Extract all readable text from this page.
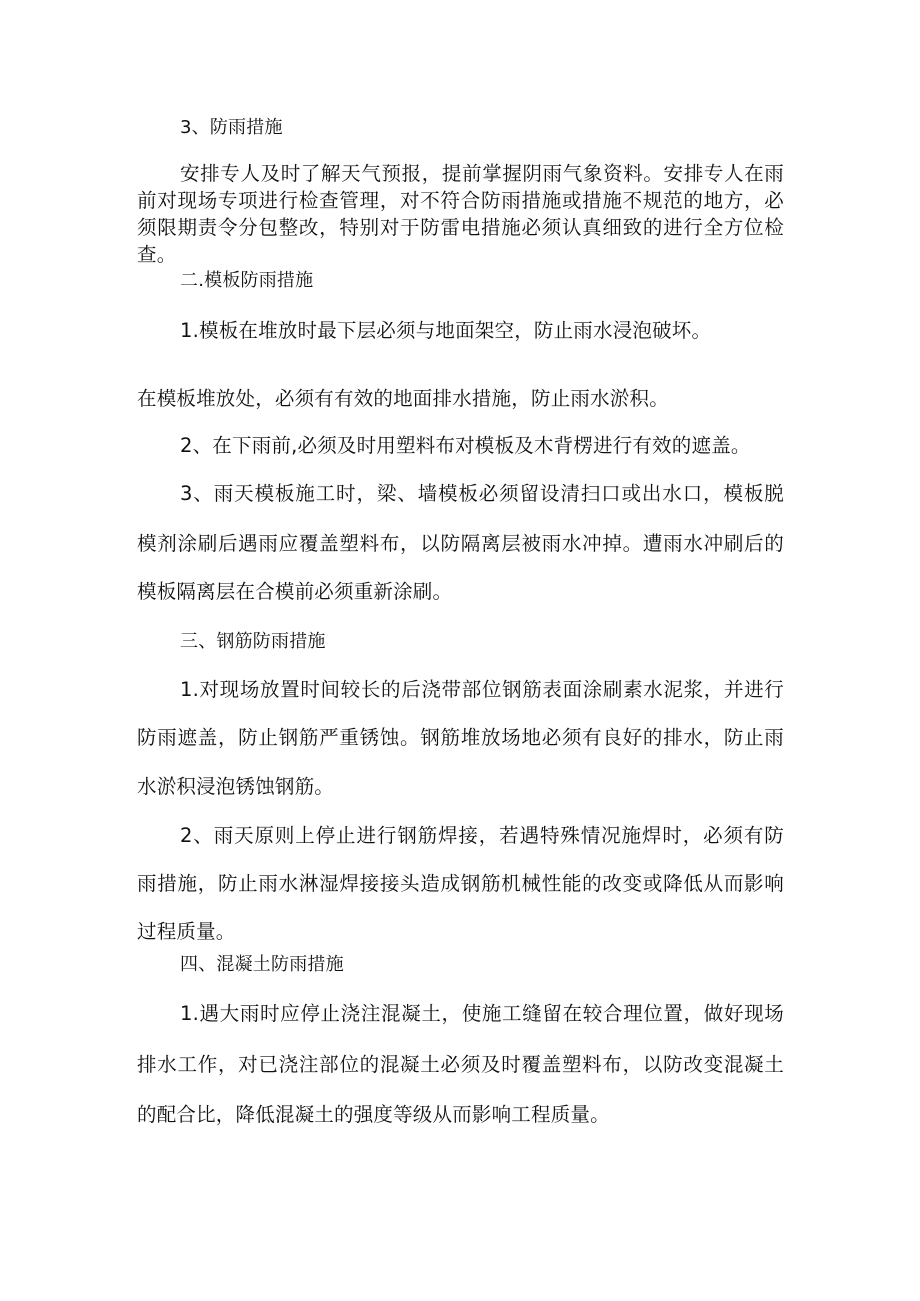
3、防雨措施

安排专人及时了解天气预报，提前掌握阴雨气象资料。安排专人在雨

前对现场专项进行检查管理，对不符合防雨措施或措施不规范的地方，必

须限期责令分包整改，特别对于防雷电措施必须认真细致的进行全方位检

查。

二.模板防雨措施

1.模板在堆放时最下层必须与地面架空，防止雨水浸泡破坏。

在模板堆放处，必须有有效的地面排水措施，防止雨水淤积。

2、在下雨前,必须及时用塑料布对模板及木背楞进行有效的遮盖。

3、雨天模板施工时，梁、墙模板必须留设清扫口或出水口，模板脱

模剂涂刷后遇雨应覆盖塑料布，以防隔离层被雨水冲掉。遭雨水冲刷后的

模板隔离层在合模前必须重新涂刷。

三、钢筋防雨措施

1.对现场放置时间较长的后浇带部位钢筋表面涂刷素水泥浆，并进行

防雨遮盖，防止钢筋严重锈蚀。钢筋堆放场地必须有良好的排水，防止雨

水淤积浸泡锈蚀钢筋。

2、雨天原则上停止进行钢筋焊接，若遇特殊情况施焊时，必须有防

雨措施，防止雨水淋湿焊接接头造成钢筋机械性能的改变或降低从而影响

过程质量。

四、混凝土防雨措施

1.遇大雨时应停止浇注混凝土，使施工缝留在较合理位置，做好现场

排水工作，对已浇注部位的混凝土必须及时覆盖塑料布，以防改变混凝土

的配合比，降低混凝土的强度等级从而影响工程质量。
